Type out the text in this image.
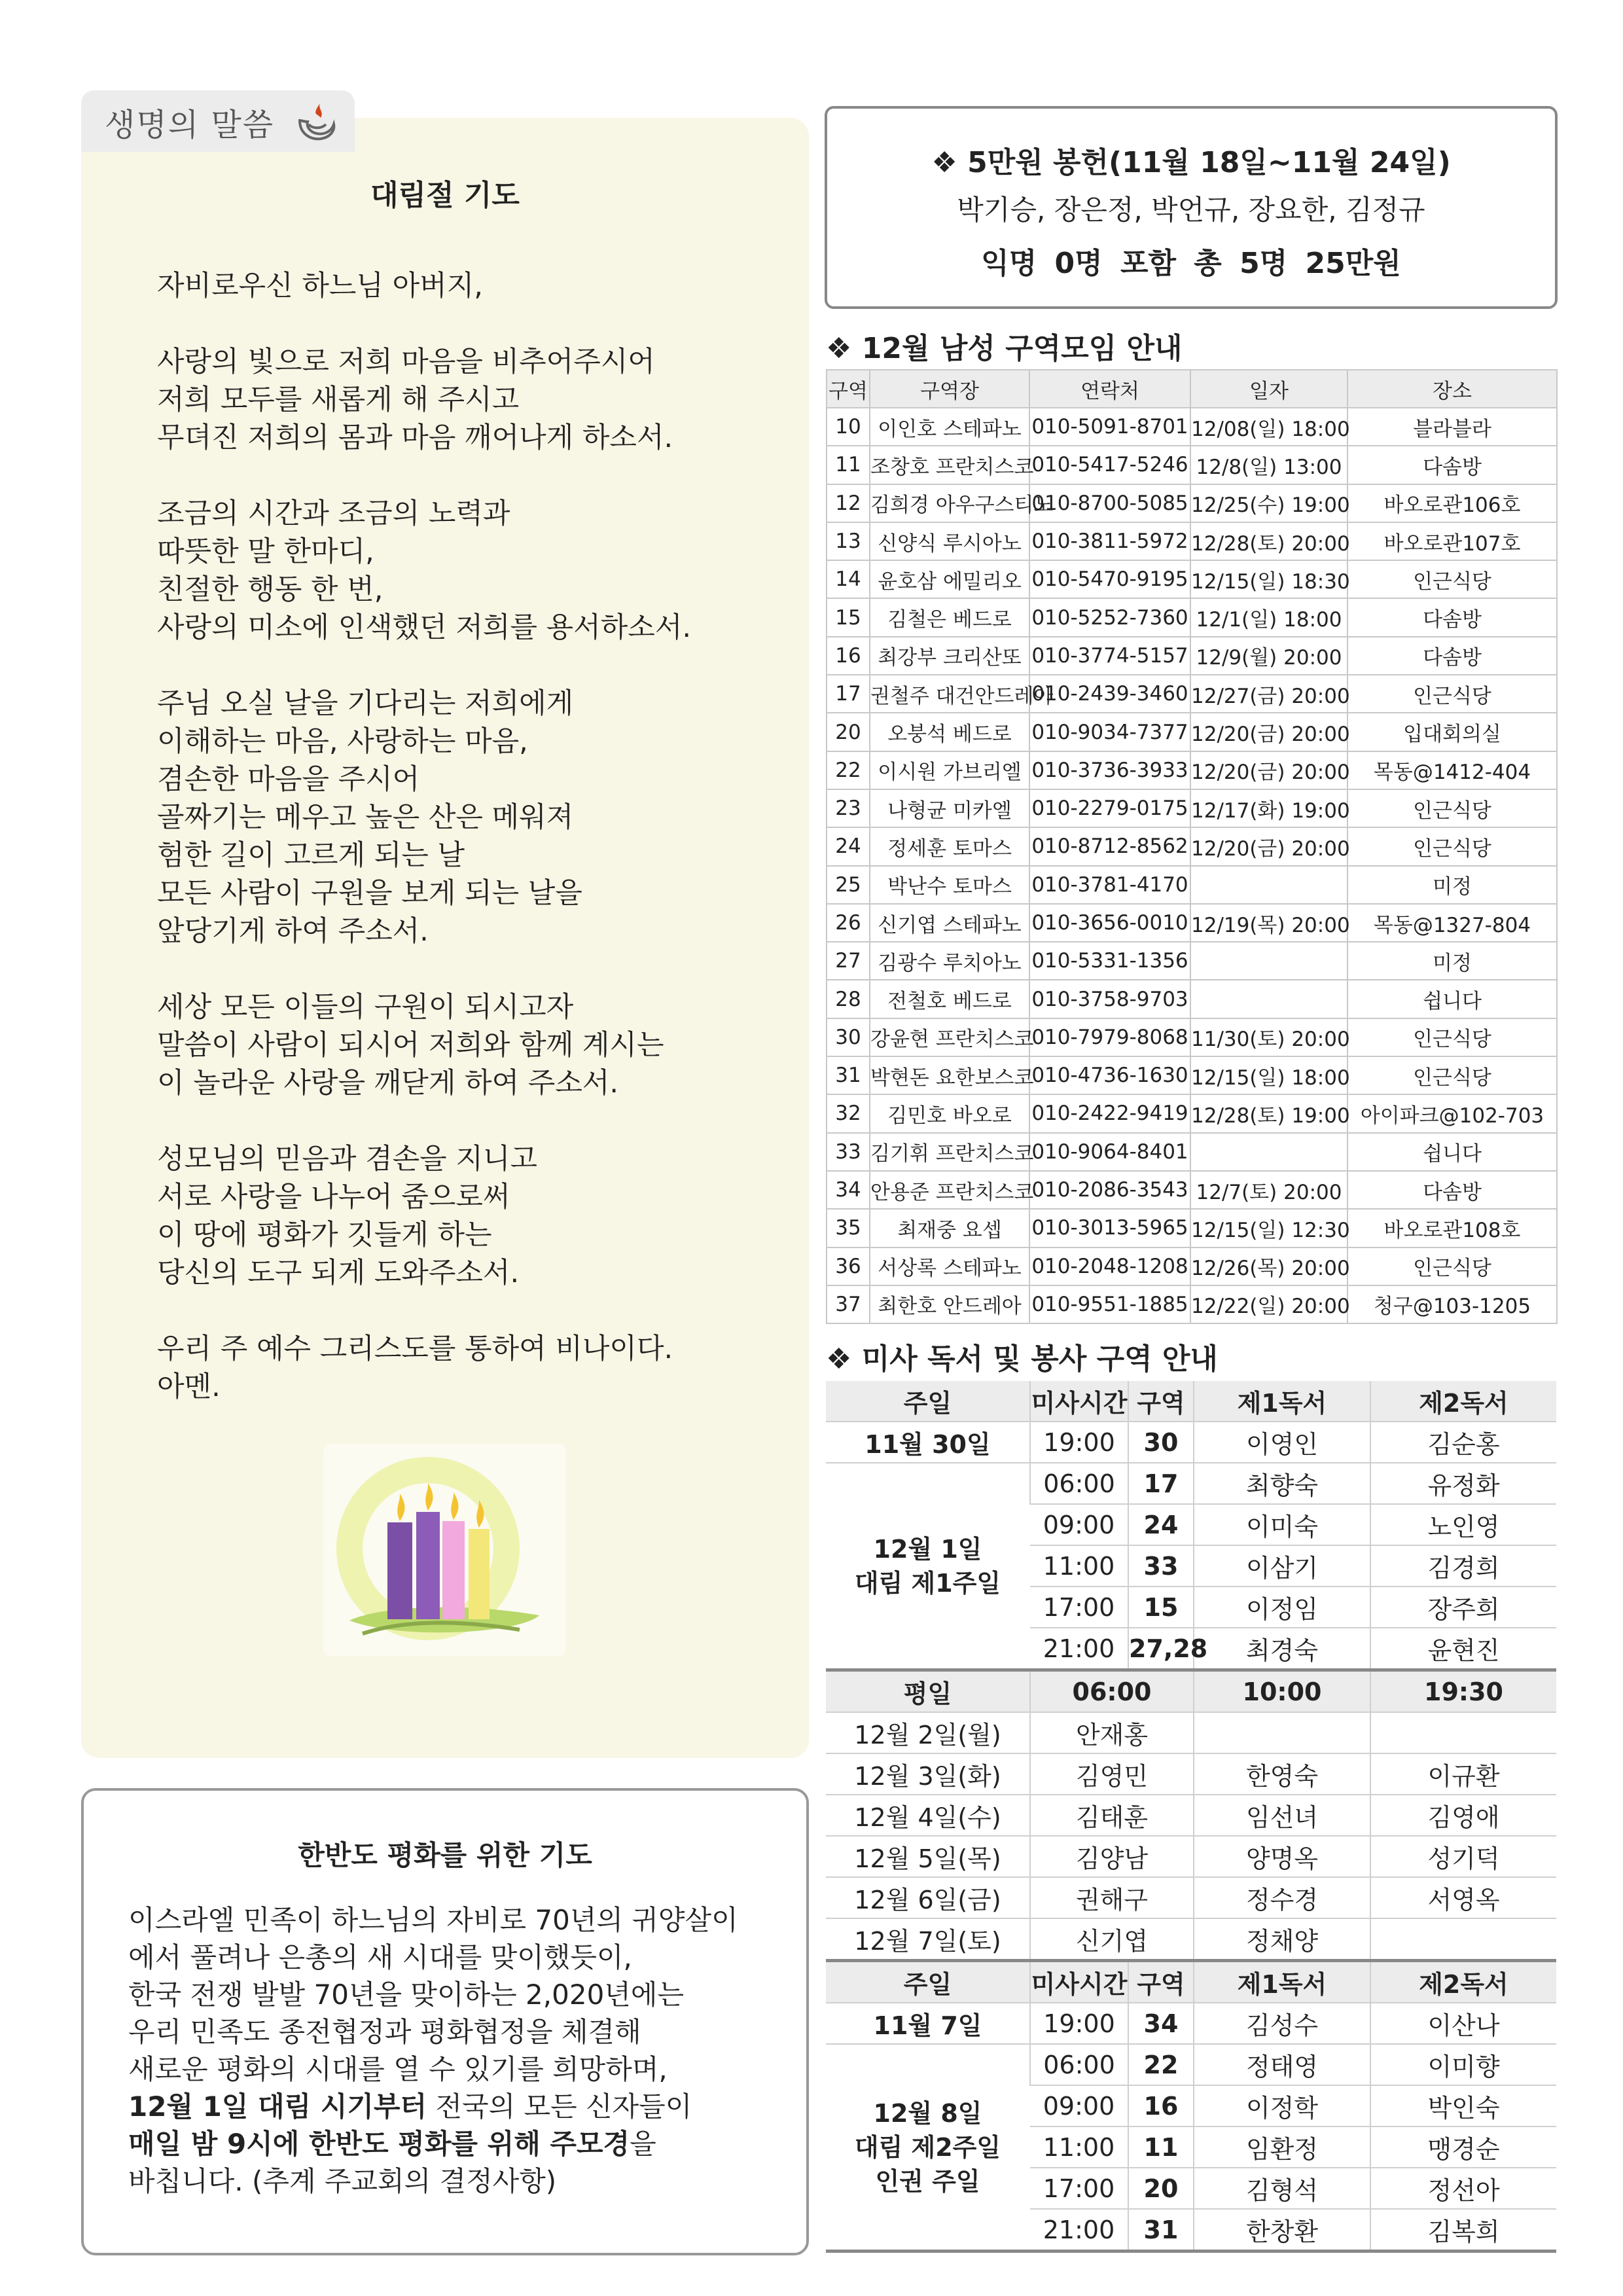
생명의 말씀
대림절 기도
자비로우신 하느님 아버지,
사랑의 빛으로 저희 마음을 비추어주시어
저희 모두를 새롭게 해 주시고
무뎌진 저희의 몸과 마음 깨어나게 하소서.
조금의 시간과 조금의 노력과
따뜻한 말 한마디,
친절한 행동 한 번,
사랑의 미소에 인색했던 저희를 용서하소서.
주님 오실 날을 기다리는 저희에게
이해하는 마음, 사랑하는 마음,
겸손한 마음을 주시어
골짜기는 메우고 높은 산은 메워져
험한 길이 고르게 되는 날
모든 사람이 구원을 보게 되는 날을
앞당기게 하여 주소서.
세상 모든 이들의 구원이 되시고자
말씀이 사람이 되시어 저희와 함께 계시는
이 놀라운 사랑을 깨닫게 하여 주소서.
성모님의 믿음과 겸손을 지니고
서로 사랑을 나누어 줌으로써
이 땅에 평화가 깃들게 하는
당신의 도구 되게 도와주소서.
우리 주 예수 그리스도를 통하여 비나이다.
아멘.
한반도 평화를 위한 기도
이스라엘 민족이 하느님의 자비로 70년의 귀양살이
에서 풀려나 은총의 새 시대를 맞이했듯이,
한국 전쟁 발발 70년을 맞이하는 2,020년에는
우리 민족도 종전협정과 평화협정을 체결해
새로운 평화의 시대를 열 수 있기를 희망하며,
12월 1일 대림 시기부터 전국의 모든 신자들이
매일 밤 9시에 한반도 평화를 위해 주모경을
바칩니다. (추계 주교회의 결정사항)
❖ 5만원 봉헌(11월 18일~11월 24일)
박기승, 장은정, 박언규, 장요한, 김정규
익명 0명 포함 총 5명 25만원
❖ 12월 남성 구역모임 안내
구역	구역장	연락처	일자	장소
10	이인호 스테파노	010-5091-8701	12/08(일) 18:00	블라블라
11	조창호 프란치스코	010-5417-5246	12/8(일) 13:00	다솜방
12	김희경 아우구스티노	010-8700-5085	12/25(수) 19:00	바오로관106호
13	신양식 루시아노	010-3811-5972	12/28(토) 20:00	바오로관107호
14	윤호삼 에밀리오	010-5470-9195	12/15(일) 18:30	인근식당
15	김철은 베드로	010-5252-7360	12/1(일) 18:00	다솜방
16	최강부 크리산또	010-3774-5157	12/9(월) 20:00	다솜방
17	권철주 대건안드레아	010-2439-3460	12/27(금) 20:00	인근식당
20	오붕석 베드로	010-9034-7377	12/20(금) 20:00	입대회의실
22	이시원 가브리엘	010-3736-3933	12/20(금) 20:00	목동@1412-404
23	나형균 미카엘	010-2279-0175	12/17(화) 19:00	인근식당
24	정세훈 토마스	010-8712-8562	12/20(금) 20:00	인근식당
25	박난수 토마스	010-3781-4170		미정
26	신기엽 스테파노	010-3656-0010	12/19(목) 20:00	목동@1327-804
27	김광수 루치아노	010-5331-1356		미정
28	전철호 베드로	010-3758-9703		쉽니다
30	강윤현 프란치스코	010-7979-8068	11/30(토) 20:00	인근식당
31	박현돈 요한보스코	010-4736-1630	12/15(일) 18:00	인근식당
32	김민호 바오로	010-2422-9419	12/28(토) 19:00	아이파크@102-703
33	김기휘 프란치스코	010-9064-8401		쉽니다
34	안용준 프란치스코	010-2086-3543	12/7(토) 20:00	다솜방
35	최재중 요셉	010-3013-5965	12/15(일) 12:30	바오로관108호
36	서상록 스테파노	010-2048-1208	12/26(목) 20:00	인근식당
37	최한호 안드레아	010-9551-1885	12/22(일) 20:00	청구@103-1205
❖ 미사 독서 및 봉사 구역 안내
주일	미사시간	구역	제1독서	제2독서
11월 30일	19:00	30	이영인	김순홍

12월 1일
대림 제1주일	06:00	17	최향숙	유정화
	09:00	24	이미숙	노인영
	11:00	33	이삼기	김경희
	17:00	15	이정임	장주희
	21:00	27,28	최경숙	윤현진
평일	06:00		10:00	19:30
12월 2일(월)	안재홍			
12월 3일(화)	김영민		한영숙	이규환
12월 4일(수)	김태훈		임선녀	김영애
12월 5일(목)	김양남		양명옥	성기덕
12월 6일(금)	권해구		정수경	서영옥
12월 7일(토)	신기엽		정채양	
주일	미사시간	구역	제1독서	제2독서
11월 7일	19:00	34	김성수	이산나

12월 8일
대림 제2주일
인권 주일	06:00	22	정태영	이미향
	09:00	16	이정학	박인숙
	11:00	11	임환정	맹경순
	17:00	20	김형석	정선아
	21:00	31	한창환	김복희
